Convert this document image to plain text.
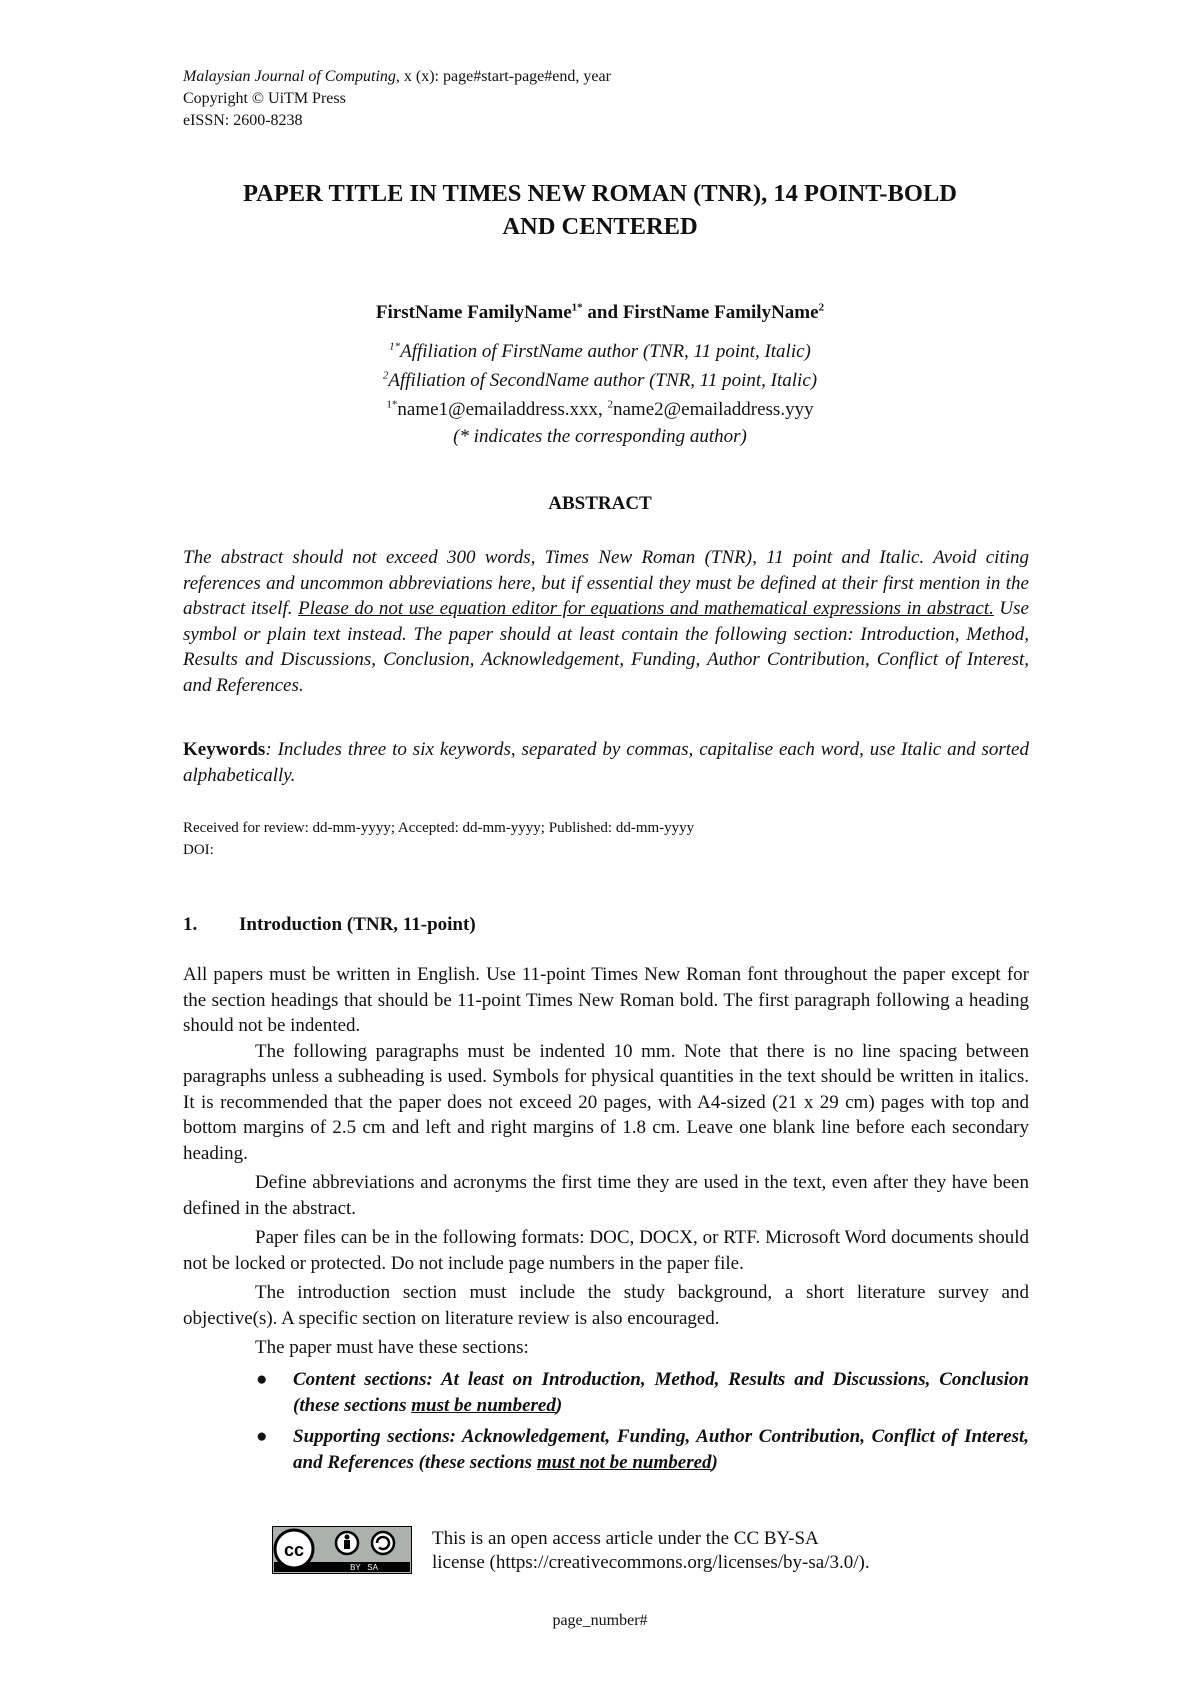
Malaysian Journal of Computing, x (x): page#start-page#end, year
Copyright © UiTM Press
eISSN: 2600-8238
PAPER TITLE IN TIMES NEW ROMAN (TNR), 14 POINT-BOLD
AND CENTERED
FirstName FamilyName$^{1*}$ and FirstName FamilyName$^2$
$^{1*}$Affiliation of FirstName author (TNR, 11 point, Italic)
$^2$Affiliation of SecondName author (TNR, 11 point, Italic)
$^{1*}$name1@emailaddress.xxx, $^2$name2@emailaddress.yyy
(* indicates the corresponding author)
ABSTRACT
The abstract should not exceed 300 words, Times New Roman (TNR), 11 point and Italic. Avoid citing references and uncommon abbreviations here, but if essential they must be defined at their first mention in the abstract itself. Please do not use equation editor for equations and mathematical expressions in abstract. Use symbol or plain text instead. The paper should at least contain the following section: Introduction, Method, Results and Discussions, Conclusion, Acknowledgement, Funding, Author Contribution, Conflict of Interest, and References.
Keywords: Includes three to six keywords, separated by commas, capitalise each word, use Italic and sorted alphabetically.
Received for review: dd-mm-yyyy; Accepted: dd-mm-yyyy; Published: dd-mm-yyyy
DOI:
1. Introduction (TNR, 11-point)

All papers must be written in English. Use 11-point Times New Roman font throughout the paper except for the section headings that should be 11-point Times New Roman bold. The first paragraph following a heading should not be indented.

The following paragraphs must be indented 10 mm. Note that there is no line spacing between paragraphs unless a subheading is used. Symbols for physical quantities in the text should be written in italics. It is recommended that the paper does not exceed 20 pages, with A4-sized (21 x 29 cm) pages with top and bottom margins of 2.5 cm and left and right margins of 1.8 cm. Leave one blank line before each secondary heading.

Define abbreviations and acronyms the first time they are used in the text, even after they have been defined in the abstract.

Paper files can be in the following formats: DOC, DOCX, or RTF. Microsoft Word documents should not be locked or protected. Do not include page numbers in the paper file.

The introduction section must include the study background, a short literature survey and objective(s). A specific section on literature review is also encouraged.

The paper must have these sections:

● Content sections: At least on Introduction, Method, Results and Discussions, Conclusion (these sections must be numbered)
● Supporting sections: Acknowledgement, Funding, Author Contribution, Conflict of Interest, and References (these sections must not be numbered)
cc
BY   SA
This is an open access article under the CC BY-SA
license (https://creativecommons.org/licenses/by-sa/3.0/).
page_number#
